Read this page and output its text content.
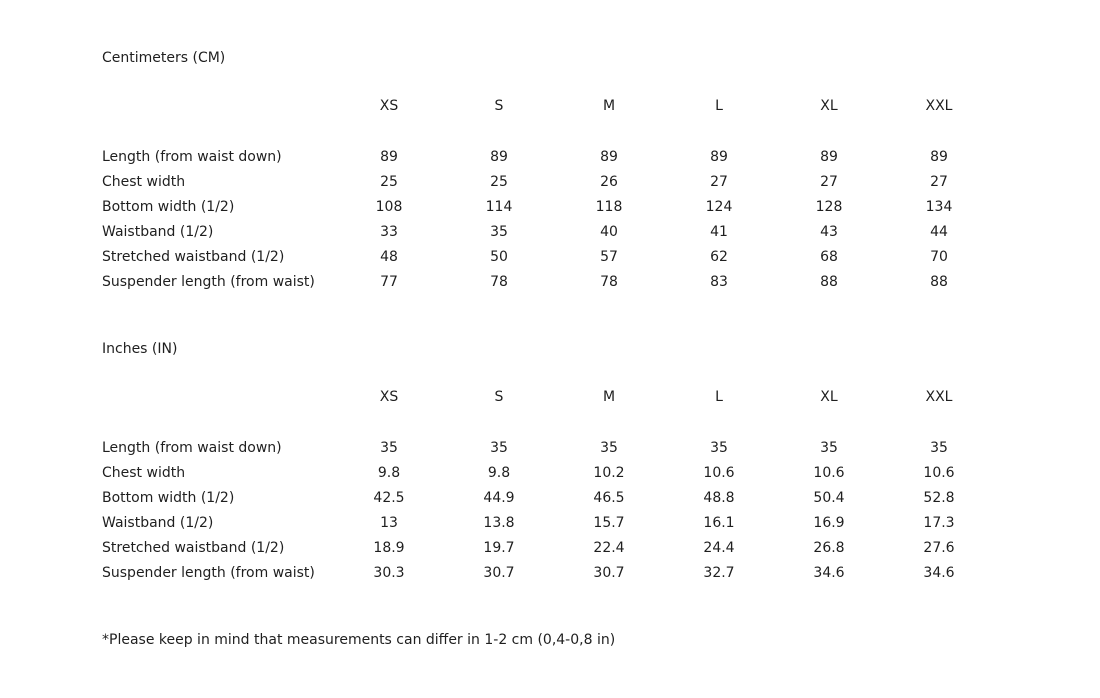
Centimeters (CM)
	XS	S	M	L	XL	XXL

Length (from waist down)	89	89	89	89	89	89
Chest width	25	25	26	27	27	27
Bottom width (1/2)	108	114	118	124	128	134
Waistband (1/2)	33	35	40	41	43	44
Stretched waistband (1/2)	48	50	57	62	68	70
Suspender length (from waist)	77	78	78	83	88	88
Inches (IN)
	XS	S	M	L	XL	XXL

Length (from waist down)	35	35	35	35	35	35
Chest width	9.8	9.8	10.2	10.6	10.6	10.6
Bottom width (1/2)	42.5	44.9	46.5	48.8	50.4	52.8
Waistband (1/2)	13	13.8	15.7	16.1	16.9	17.3
Stretched waistband (1/2)	18.9	19.7	22.4	24.4	26.8	27.6
Suspender length (from waist)	30.3	30.7	30.7	32.7	34.6	34.6
*Please keep in mind that measurements can differ in 1-2 cm (0,4-0,8 in)
